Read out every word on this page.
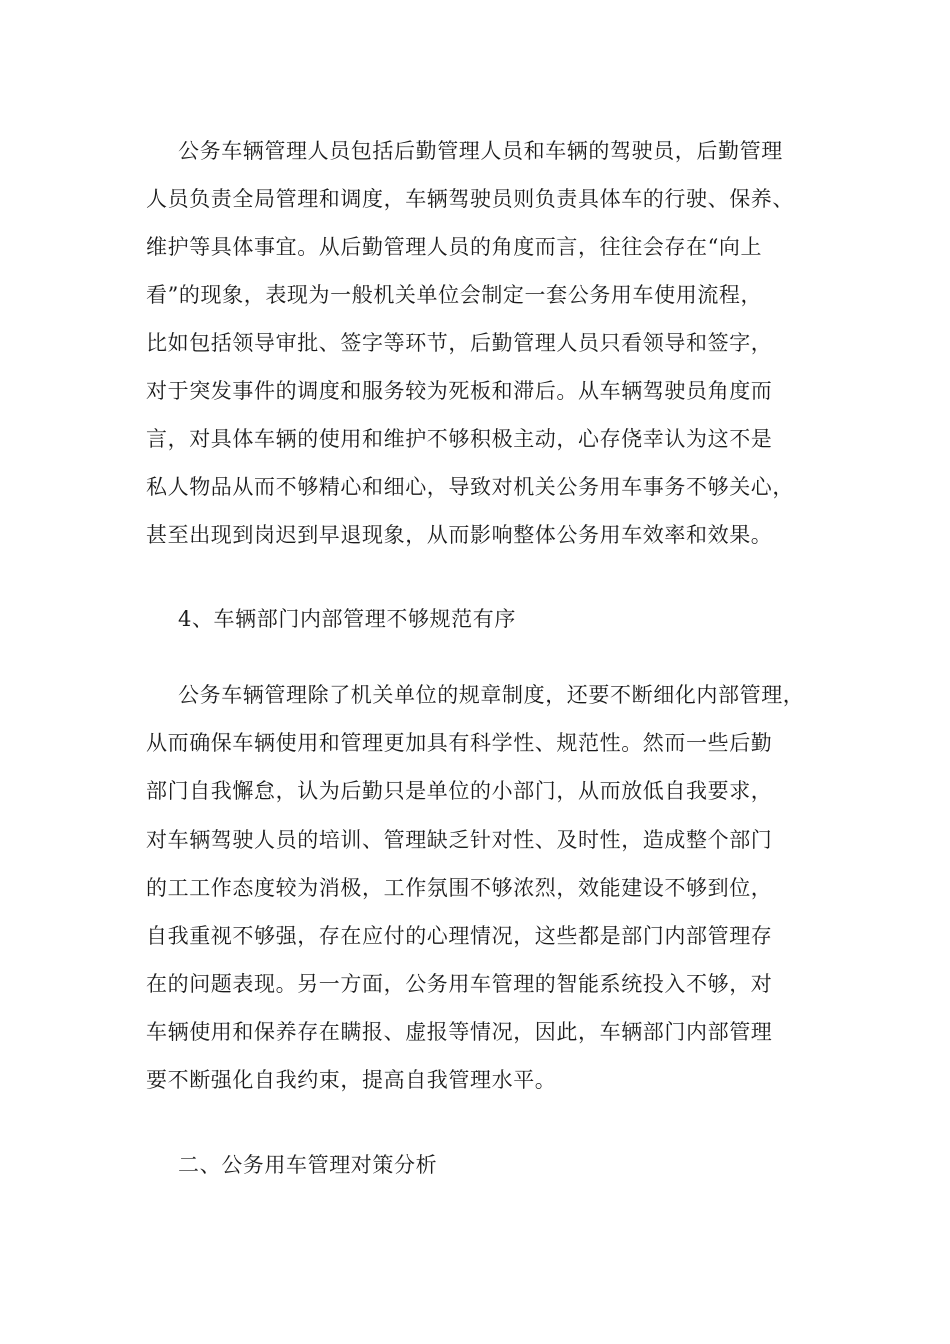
公务车辆管理人员包括后勤管理人员和车辆的驾驶员，后勤管理
人员负责全局管理和调度，车辆驾驶员则负责具体车的行驶、保养、
维护等具体事宜。从后勤管理人员的角度而言，往往会存在“向上
看”的现象，表现为一般机关单位会制定一套公务用车使用流程，
比如包括领导审批、签字等环节，后勤管理人员只看领导和签字，
对于突发事件的调度和服务较为死板和滞后。从车辆驾驶员角度而
言，对具体车辆的使用和维护不够积极主动，心存侥幸认为这不是
私人物品从而不够精心和细心，导致对机关公务用车事务不够关心，
甚至出现到岗迟到早退现象，从而影响整体公务用车效率和效果。
4、车辆部门内部管理不够规范有序
公务车辆管理除了机关单位的规章制度，还要不断细化内部管理，
从而确保车辆使用和管理更加具有科学性、规范性。然而一些后勤
部门自我懈怠，认为后勤只是单位的小部门，从而放低自我要求，
对车辆驾驶人员的培训、管理缺乏针对性、及时性，造成整个部门
的工工作态度较为消极，工作氛围不够浓烈，效能建设不够到位，
自我重视不够强，存在应付的心理情况，这些都是部门内部管理存
在的问题表现。另一方面，公务用车管理的智能系统投入不够，对
车辆使用和保养存在瞒报、虚报等情况，因此，车辆部门内部管理
要不断强化自我约束，提高自我管理水平。
二、公务用车管理对策分析
